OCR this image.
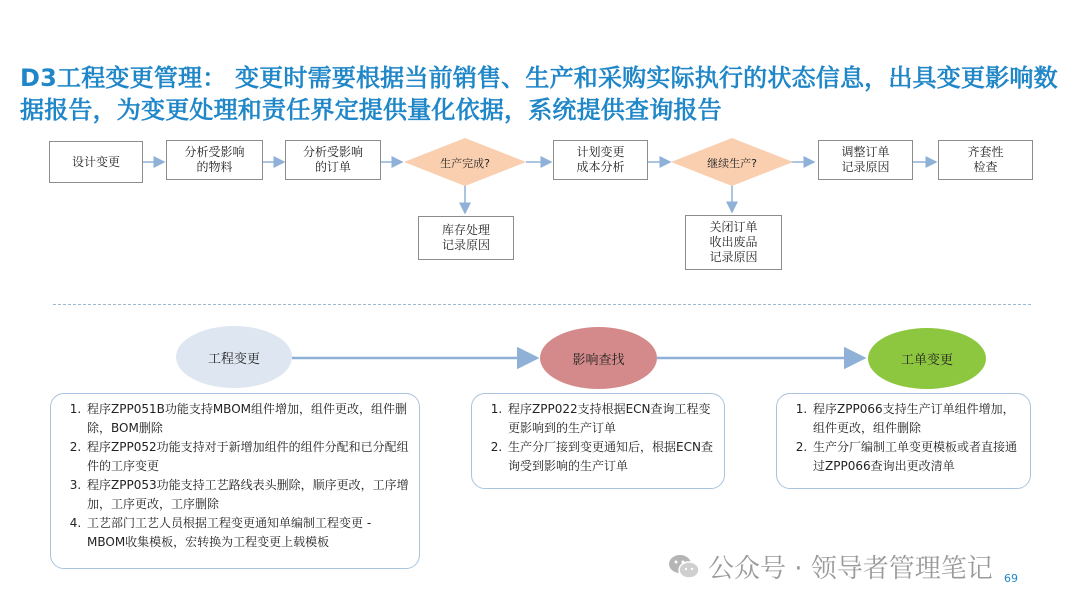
D3工程变更管理： 变更时需要根据当前销售、生产和采购实际执行的状态信息，出具变更影响数据报告，为变更处理和责任界定提供量化依据，系统提供查询报告
设计变更
分析受影响
的物料
分析受影响
的订单	生产完成?
库存处理
记录原因
计划变更
成本分析	继续生产?
关闭订单
收出废品
记录原因
调整订单
记录原因
齐套性
检查
工程变更	影响查找	工单变更
1. 程序ZPP051B功能支持MBOM组件增加，组件更改，组件删除，BOM删除
2. 程序ZPP052功能支持对于新增加组件的组件分配和已分配组件的工序变更
3. 程序ZPP053功能支持工艺路线表头删除，顺序更改，工序增加，工序更改，工序删除
4. 工艺部门工艺人员根据工程变更通知单编制工程变更 - MBOM收集模板，宏转换为工程变更上载模板
1. 程序ZPP022支持根据ECN查询工程变更影响到的生产订单
2. 生产分厂接到变更通知后，根据ECN查询受到影响的生产订单
1. 程序ZPP066支持生产订单组件增加，组件更改，组件删除
2. 生产分厂编制工单变更模板或者直接通过ZPP066查询出更改清单
公众号 · 领导者管理笔记 69
